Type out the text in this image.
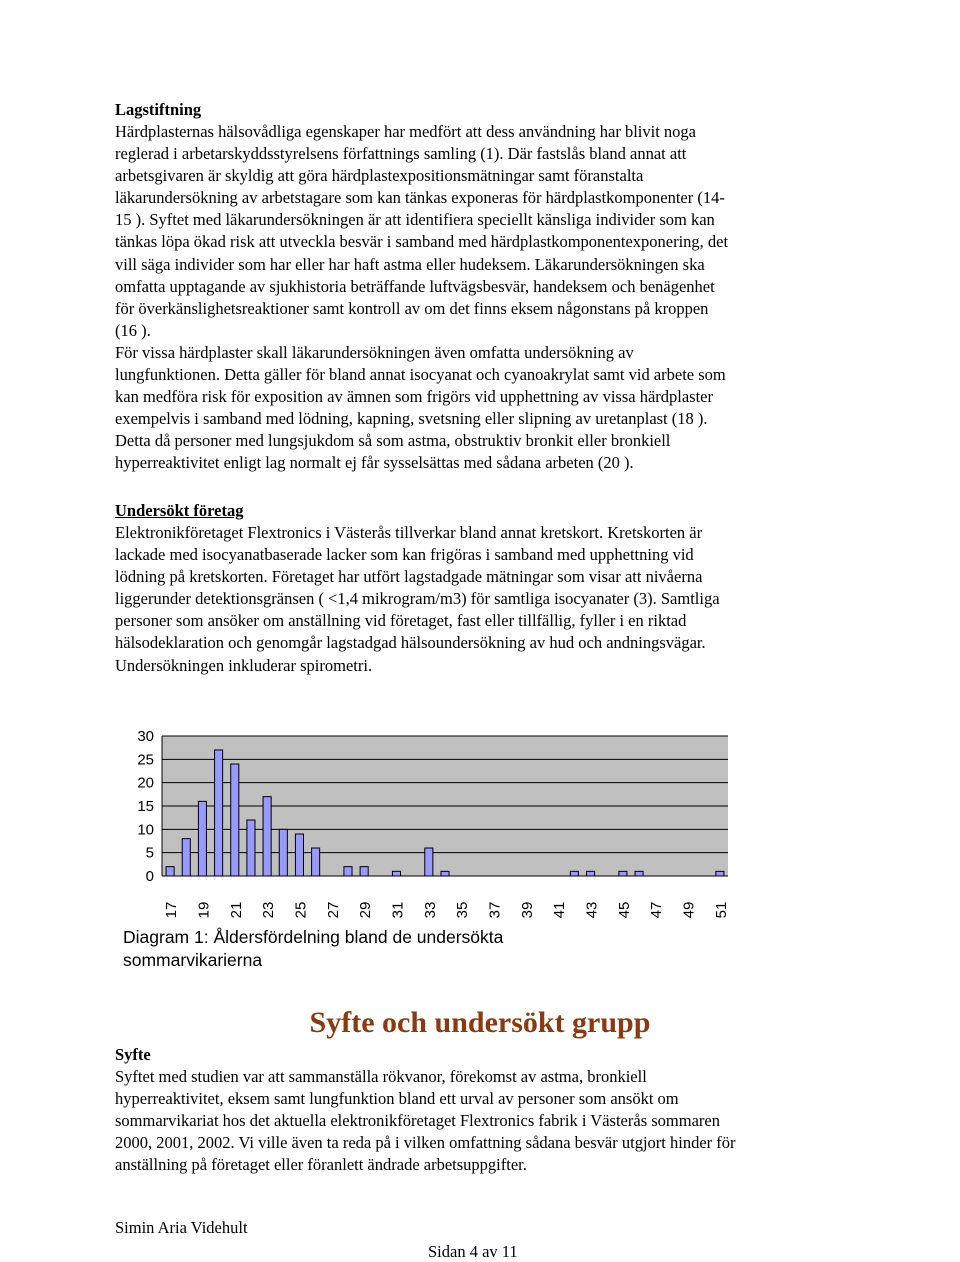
Lagstiftning

Härdplasternas hälsovådliga egenskaper har medfört att dess användning har blivit noga

reglerad i arbetarskyddsstyrelsens författnings samling (1). Där fastslås bland annat att

arbetsgivaren är skyldig att göra härdplastexpositionsmätningar samt föranstalta

läkarundersökning av arbetstagare som kan tänkas exponeras för härdplastkomponenter (14-

15 ). Syftet med läkarundersökningen är att identifiera speciellt känsliga individer som kan

tänkas löpa ökad risk att utveckla besvär i samband med härdplastkomponentexponering, det

vill säga individer som har eller har haft astma eller hudeksem. Läkarundersökningen ska

omfatta upptagande av sjukhistoria beträffande luftvägsbesvär, handeksem och benägenhet

för överkänslighetsreaktioner samt kontroll av om det finns eksem någonstans på kroppen

(16 ).

För vissa härdplaster skall läkarundersökningen även omfatta undersökning av

lungfunktionen. Detta gäller för bland annat isocyanat och cyanoakrylat samt vid arbete som

kan medföra risk för exposition av ämnen som frigörs vid upphettning av vissa härdplaster

exempelvis i samband med lödning, kapning, svetsning eller slipning av uretanplast (18 ).

Detta då personer med lungsjukdom så som astma, obstruktiv bronkit eller bronkiell

hyperreaktivitet enligt lag normalt ej får sysselsättas med sådana arbeten (20 ).

Undersökt företag

Elektronikföretaget Flextronics i Västerås tillverkar bland annat kretskort. Kretskorten är

lackade med isocyanatbaserade lacker som kan frigöras i samband med upphettning vid

lödning på kretskorten. Företaget har utfört lagstadgade mätningar som visar att nivåerna

liggerunder detektionsgränsen ( <1,4 mikrogram/m3) för samtliga isocyanater (3). Samtliga

personer som ansöker om anställning vid företaget, fast eller tillfällig, fyller i en riktad

hälsodeklaration och genomgår lagstadgad hälsoundersökning av hud och andningsvägar.

Undersökningen inkluderar spirometri.

30
25
20
15
10
5
0
17 19 21 23 25 27 29 31 33 35 37 39 41 43 45 47 49 51
Diagram 1: Åldersfördelning bland de undersökta
sommarvikarierna
Syfte och undersökt grupp
Syfte

Syftet med studien var att sammanställa rökvanor, förekomst av astma, bronkiell

hyperreaktivitet, eksem samt lungfunktion bland ett urval av personer som ansökt om

sommarvikariat hos det aktuella elektronikföretaget Flextronics fabrik i Västerås sommaren

2000, 2001, 2002. Vi ville även ta reda på i vilken omfattning sådana besvär utgjort hinder för

anställning på företaget eller föranlett ändrade arbetsuppgifter.

Simin Aria Videhult
Sidan 4 av 11
